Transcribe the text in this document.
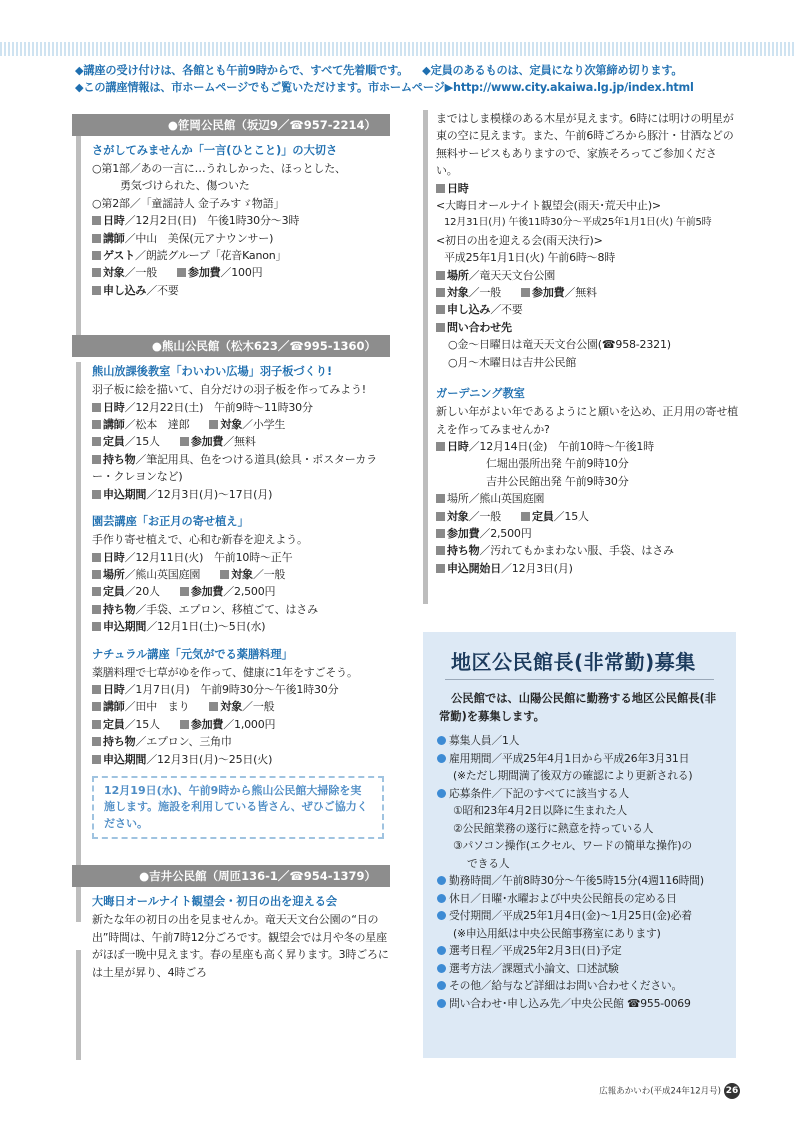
◆講座の受け付けは、各館とも午前9時からで、すべて先着順です。 ◆定員のあるものは、定員になり次第締め切ります。
◆この講座情報は、市ホームページでもご覧いただけます。市ホームページ▶http://www.city.akaiwa.lg.jp/index.html
●笹岡公民館（坂辺9／☎957-2214）
さがしてみませんか「一言(ひとこと)」の大切さ
○第1部／あの一言に…うれしかった、ほっとした、
勇気づけられた、傷ついた
○第2部／「童謡詩人 金子みすゞ物語」
日時／12月2日(日)　午後1時30分～3時
講師／中山　美保(元アナウンサー)
ゲスト／朗読グループ「花音Kanon」
対象／一般	参加費／100円
申し込み／不要
●熊山公民館（松木623／☎995-1360）
熊山放課後教室「わいわい広場」羽子板づくり!
羽子板に絵を描いて、自分だけの羽子板を作ってみよう!
日時／12月22日(土)　午前9時～11時30分
講師／松本　達郎	対象／小学生
定員／15人	参加費／無料
持ち物／筆記用具、色をつける道具(絵具・ポスターカラー・クレヨンなど)
申込期間／12月3日(月)～17日(月)
園芸講座「お正月の寄せ植え」
手作り寄せ植えで、心和む新春を迎えよう。
日時／12月11日(火)　午前10時～正午
場所／熊山英国庭園	対象／一般
定員／20人	参加費／2,500円
持ち物／手袋、エプロン、移植ごて、はさみ
申込期間／12月1日(土)～5日(水)
ナチュラル講座「元気がでる薬膳料理」
薬膳料理で七草がゆを作って、健康に1年をすごそう。
日時／1月7日(月)　午前9時30分～午後1時30分
講師／田中　まり	対象／一般
定員／15人	参加費／1,000円
持ち物／エプロン、三角巾
申込期間／12月3日(月)～25日(火)
12月19日(水)、午前9時から熊山公民館大掃除を実施します。施設を利用している皆さん、ぜひご協力ください。
●吉井公民館（周匝136-1／☎954-1379）
大晦日オールナイト観望会・初日の出を迎える会
新たな年の初日の出を見ませんか。竜天天文台公園の“日の出”時間は、午前7時12分ごろです。観望会では月や冬の星座がほぼ一晩中見えます。春の星座も高く昇ります。3時ごろには土星が昇り、4時ごろ
まではしま模様のある木星が見えます。6時には明けの明星が東の空に見えます。また、午前6時ごろから豚汁・甘酒などの無料サービスもありますので、家族そろってご参加ください。
日時
<大晦日オールナイト観望会(雨天･荒天中止)>
12月31日(月) 午後11時30分～平成25年1月1日(火) 午前5時
<初日の出を迎える会(雨天決行)>
平成25年1月1日(火) 午前6時～8時
場所／竜天天文台公園
対象／一般	参加費／無料
申し込み／不要
問い合わせ先
○金～日曜日は竜天天文台公園(☎958-2321)
○月～木曜日は吉井公民館
ガーデニング教室
新しい年がよい年であるようにと願いを込め、正月用の寄せ植えを作ってみませんか?
日時／12月14日(金)　午前10時～午後1時
仁堀出張所出発 午前9時10分
吉井公民館出発 午前9時30分
場所／熊山英国庭園
対象／一般	定員／15人
参加費／2,500円
持ち物／汚れてもかまわない服、手袋、はさみ
申込開始日／12月3日(月)
地区公民館長(非常勤)募集
公民館では、山陽公民館に勤務する地区公民館長(非常勤)を募集します。
募集人員／1人
雇用期間／平成25年4月1日から平成26年3月31日
(※ただし期間満了後双方の確認により更新される)
応募条件／下記のすべてに該当する人
①昭和23年4月2日以降に生まれた人
②公民館業務の遂行に熱意を持っている人
③パソコン操作(エクセル、ワードの簡単な操作)の
できる人
勤務時間／午前8時30分～午後5時15分(4週116時間)
休日／日曜･水曜および中央公民館長の定める日
受付期間／平成25年1月4日(金)～1月25日(金)必着
(※申込用紙は中央公民館事務室にあります)
選考日程／平成25年2月3日(日)予定
選考方法／課題式小論文、口述試験
その他／給与など詳細はお問い合わせください。
問い合わせ･申し込み先／中央公民館 ☎955-0069
広報あかいわ(平成24年12月号) 26
